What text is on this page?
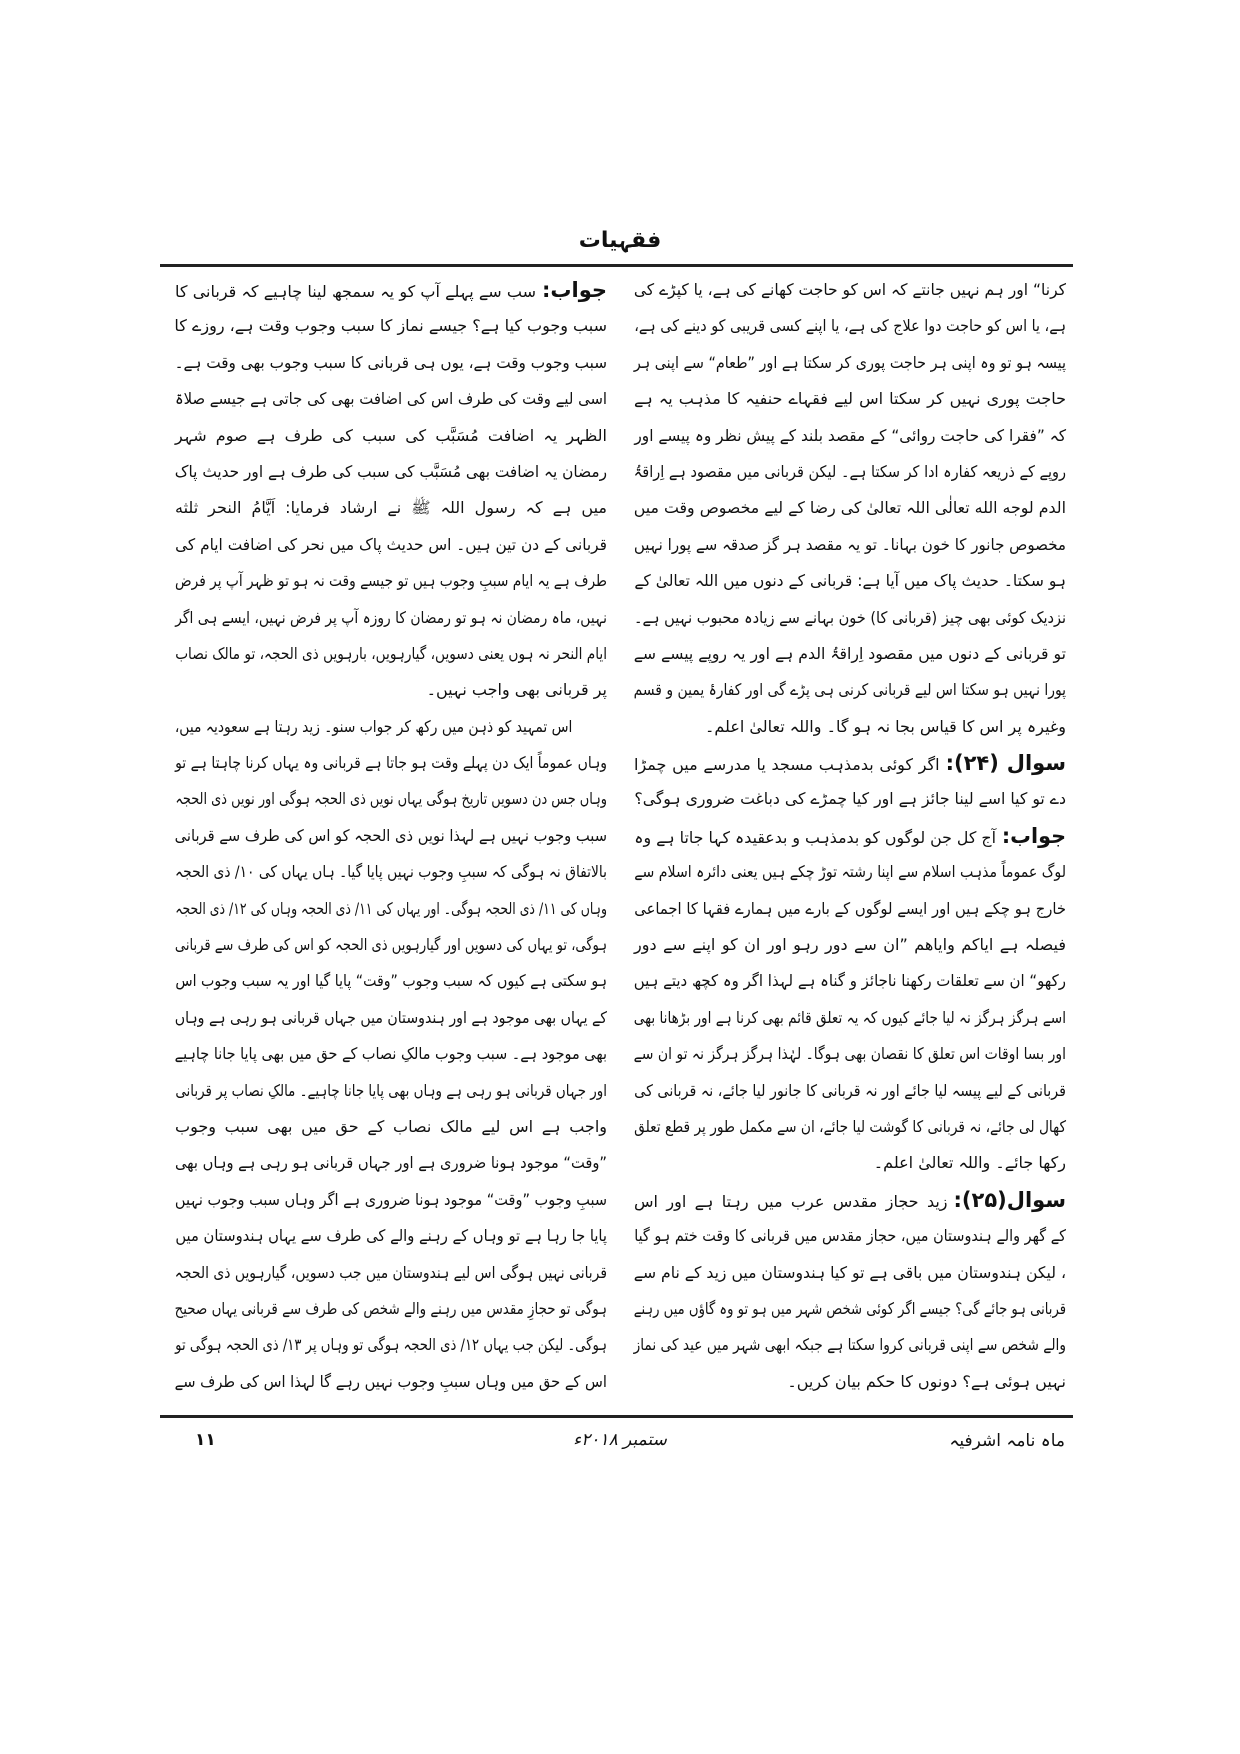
فقہیات
کرنا“ اور ہم نہیں جانتے کہ اس کو حاجت کھانے کی ہے، یا کپڑے کی
ہے، یا اس کو حاجت دوا علاج کی ہے، یا اپنے کسی قریبی کو دینے کی ہے،
پیسہ ہو تو وہ اپنی ہر حاجت پوری کر سکتا ہے اور ”طعام“ سے اپنی ہر
حاجت پوری نہیں کر سکتا اس لیے فقہاے حنفیہ کا مذہب یہ ہے
کہ ”فقرا کی حاجت روائی“ کے مقصد بلند کے پیش نظر وہ پیسے اور
روپے کے ذریعہ کفارہ ادا کر سکتا ہے۔ لیکن قربانی میں مقصود ہے اِراقۃُ
الدم لوجه الله تعالٰی اللہ تعالیٰ کی رضا کے لیے مخصوص وقت میں
مخصوص جانور کا خون بہانا۔ تو یہ مقصد ہر گز صدقہ سے پورا نہیں
ہو سکتا۔ حدیث پاک میں آیا ہے: قربانی کے دنوں میں اللہ تعالیٰ کے
نزدیک کوئی بھی چیز (قربانی کا) خون بہانے سے زیادہ محبوب نہیں ہے۔
تو قربانی کے دنوں میں مقصود اِراقۃُ الدم ہے اور یہ روپے پیسے سے
پورا نہیں ہو سکتا اس لیے قربانی کرنی ہی پڑے گی اور کفارۂ یمین و قسم
وغیرہ پر اس کا قیاس بجا نہ ہو گا۔ واللہ تعالیٰ اعلم۔
سوال (۲۴):اگر کوئی بدمذہب مسجد یا مدرسے میں چمڑا
دے تو کیا اسے لینا جائز ہے اور کیا چمڑے کی دباغت ضروری ہوگی؟
جواب:آج کل جن لوگوں کو بدمذہب و بدعقیدہ کہا جاتا ہے وہ
لوگ عموماً مذہب اسلام سے اپنا رشتہ توڑ چکے ہیں یعنی دائرہ اسلام سے
خارج ہو چکے ہیں اور ایسے لوگوں کے بارے میں ہمارے فقہا کا اجماعی
فیصلہ ہے ایاکم وایاهم ”ان سے دور رہو اور ان کو اپنے سے دور
رکھو“ ان سے تعلقات رکھنا ناجائز و گناہ ہے لہذا اگر وہ کچھ دیتے ہیں
اسے ہرگز ہرگز نہ لیا جائے کیوں کہ یہ تعلق قائم بھی کرنا ہے اور بڑھانا بھی
اور بسا اوقات اس تعلق کا نقصان بھی ہوگا۔ لہٰذا ہرگز ہرگز نہ تو ان سے
قربانی کے لیے پیسہ لیا جائے اور نہ قربانی کا جانور لیا جائے، نہ قربانی کی
کھال لی جائے، نہ قربانی کا گوشت لیا جائے، ان سے مکمل طور پر قطع تعلق
رکھا جائے۔ واللہ تعالیٰ اعلم۔
سوال(۲۵):زید حجاز مقدس عرب میں رہتا ہے اور اس
کے گھر والے ہندوستان میں، حجاز مقدس میں قربانی کا وقت ختم ہو گیا
، لیکن ہندوستان میں باقی ہے تو کیا ہندوستان میں زید کے نام سے
قربانی ہو جائے گی؟ جیسے اگر کوئی شخص شہر میں ہو تو وہ گاؤں میں رہنے
والے شخص سے اپنی قربانی کروا سکتا ہے جبکہ ابھی شہر میں عید کی نماز
نہیں ہوئی ہے؟ دونوں کا حکم بیان کریں۔
جواب:سب سے پہلے آپ کو یہ سمجھ لینا چاہیے کہ قربانی کا
سبب وجوب کیا ہے؟ جیسے نماز کا سبب وجوب وقت ہے، روزے کا
سبب وجوب وقت ہے، یوں ہی قربانی کا سبب وجوب بھی وقت ہے۔
اسی لیے وقت کی طرف اس کی اضافت بھی کی جاتی ہے جیسے صلاۃ
الظہر یہ اضافت مُسَبَّب کی سبب کی طرف ہے صوم شہر
رمضان یہ اضافت بھی مُسَبَّب کی سبب کی طرف ہے اور حدیث پاک
میں ہے کہ رسول اللہ ﷺ نے ارشاد فرمایا: اَیَّامُ النحر ثلثه
قربانی کے دن تین ہیں۔ اس حدیث پاک میں نحر کی اضافت ایام کی
طرف ہے یہ ایام سببِ وجوب ہیں تو جیسے وقت نہ ہو تو ظہر آپ پر فرض
نہیں، ماہ رمضان نہ ہو تو رمضان کا روزہ آپ پر فرض نہیں، ایسے ہی اگر
ایام النحر نہ ہوں یعنی دسویں، گیارہویں، بارہویں ذی الحجہ، تو مالک نصاب
پر قربانی بھی واجب نہیں۔
اس تمہید کو ذہن میں رکھ کر جواب سنو۔ زید رہتا ہے سعودیہ میں،
وہاں عموماً ایک دن پہلے وقت ہو جاتا ہے قربانی وہ یہاں کرنا چاہتا ہے تو
وہاں جس دن دسویں تاریخ ہوگی یہاں نویں ذی الحجہ ہوگی اور نویں ذی الحجہ
سبب وجوب نہیں ہے لہذا نویں ذی الحجہ کو اس کی طرف سے قربانی
بالاتفاق نہ ہوگی کہ سببِ وجوب نہیں پایا گیا۔ ہاں یہاں کی ۱۰/ ذی الحجہ
وہاں کی ۱۱/ ذی الحجہ ہوگی۔ اور یہاں کی ۱۱/ ذی الحجہ وہاں کی ۱۲/ ذی الحجہ
ہوگی، تو یہاں کی دسویں اور گیارہویں ذی الحجہ کو اس کی طرف سے قربانی
ہو سکتی ہے کیوں کہ سبب وجوب ”وقت“ پایا گیا اور یہ سبب وجوب اس
کے یہاں بھی موجود ہے اور ہندوستان میں جہاں قربانی ہو رہی ہے وہاں
بھی موجود ہے۔ سبب وجوب مالکِ نصاب کے حق میں بھی پایا جانا چاہیے
اور جہاں قربانی ہو رہی ہے وہاں بھی پایا جانا چاہیے۔ مالکِ نصاب پر قربانی
واجب ہے اس لیے مالک نصاب کے حق میں بھی سبب وجوب
”وقت“ موجود ہونا ضروری ہے اور جہاں قربانی ہو رہی ہے وہاں بھی
سببِ وجوب ”وقت“ موجود ہونا ضروری ہے اگر وہاں سبب وجوب نہیں
پایا جا رہا ہے تو وہاں کے رہنے والے کی طرف سے یہاں ہندوستان میں
قربانی نہیں ہوگی اس لیے ہندوستان میں جب دسویں، گیارہویں ذی الحجہ
ہوگی تو حجازِ مقدس میں رہنے والے شخص کی طرف سے قربانی یہاں صحیح
ہوگی۔ لیکن جب یہاں ۱۲/ ذی الحجہ ہوگی تو وہاں پر ۱۳/ ذی الحجہ ہوگی تو
اس کے حق میں وہاں سببِ وجوب نہیں رہے گا لہذا اس کی طرف سے
ماہ نامہ اشرفیہ
ستمبر ۲۰۱۸ء
۱۱
